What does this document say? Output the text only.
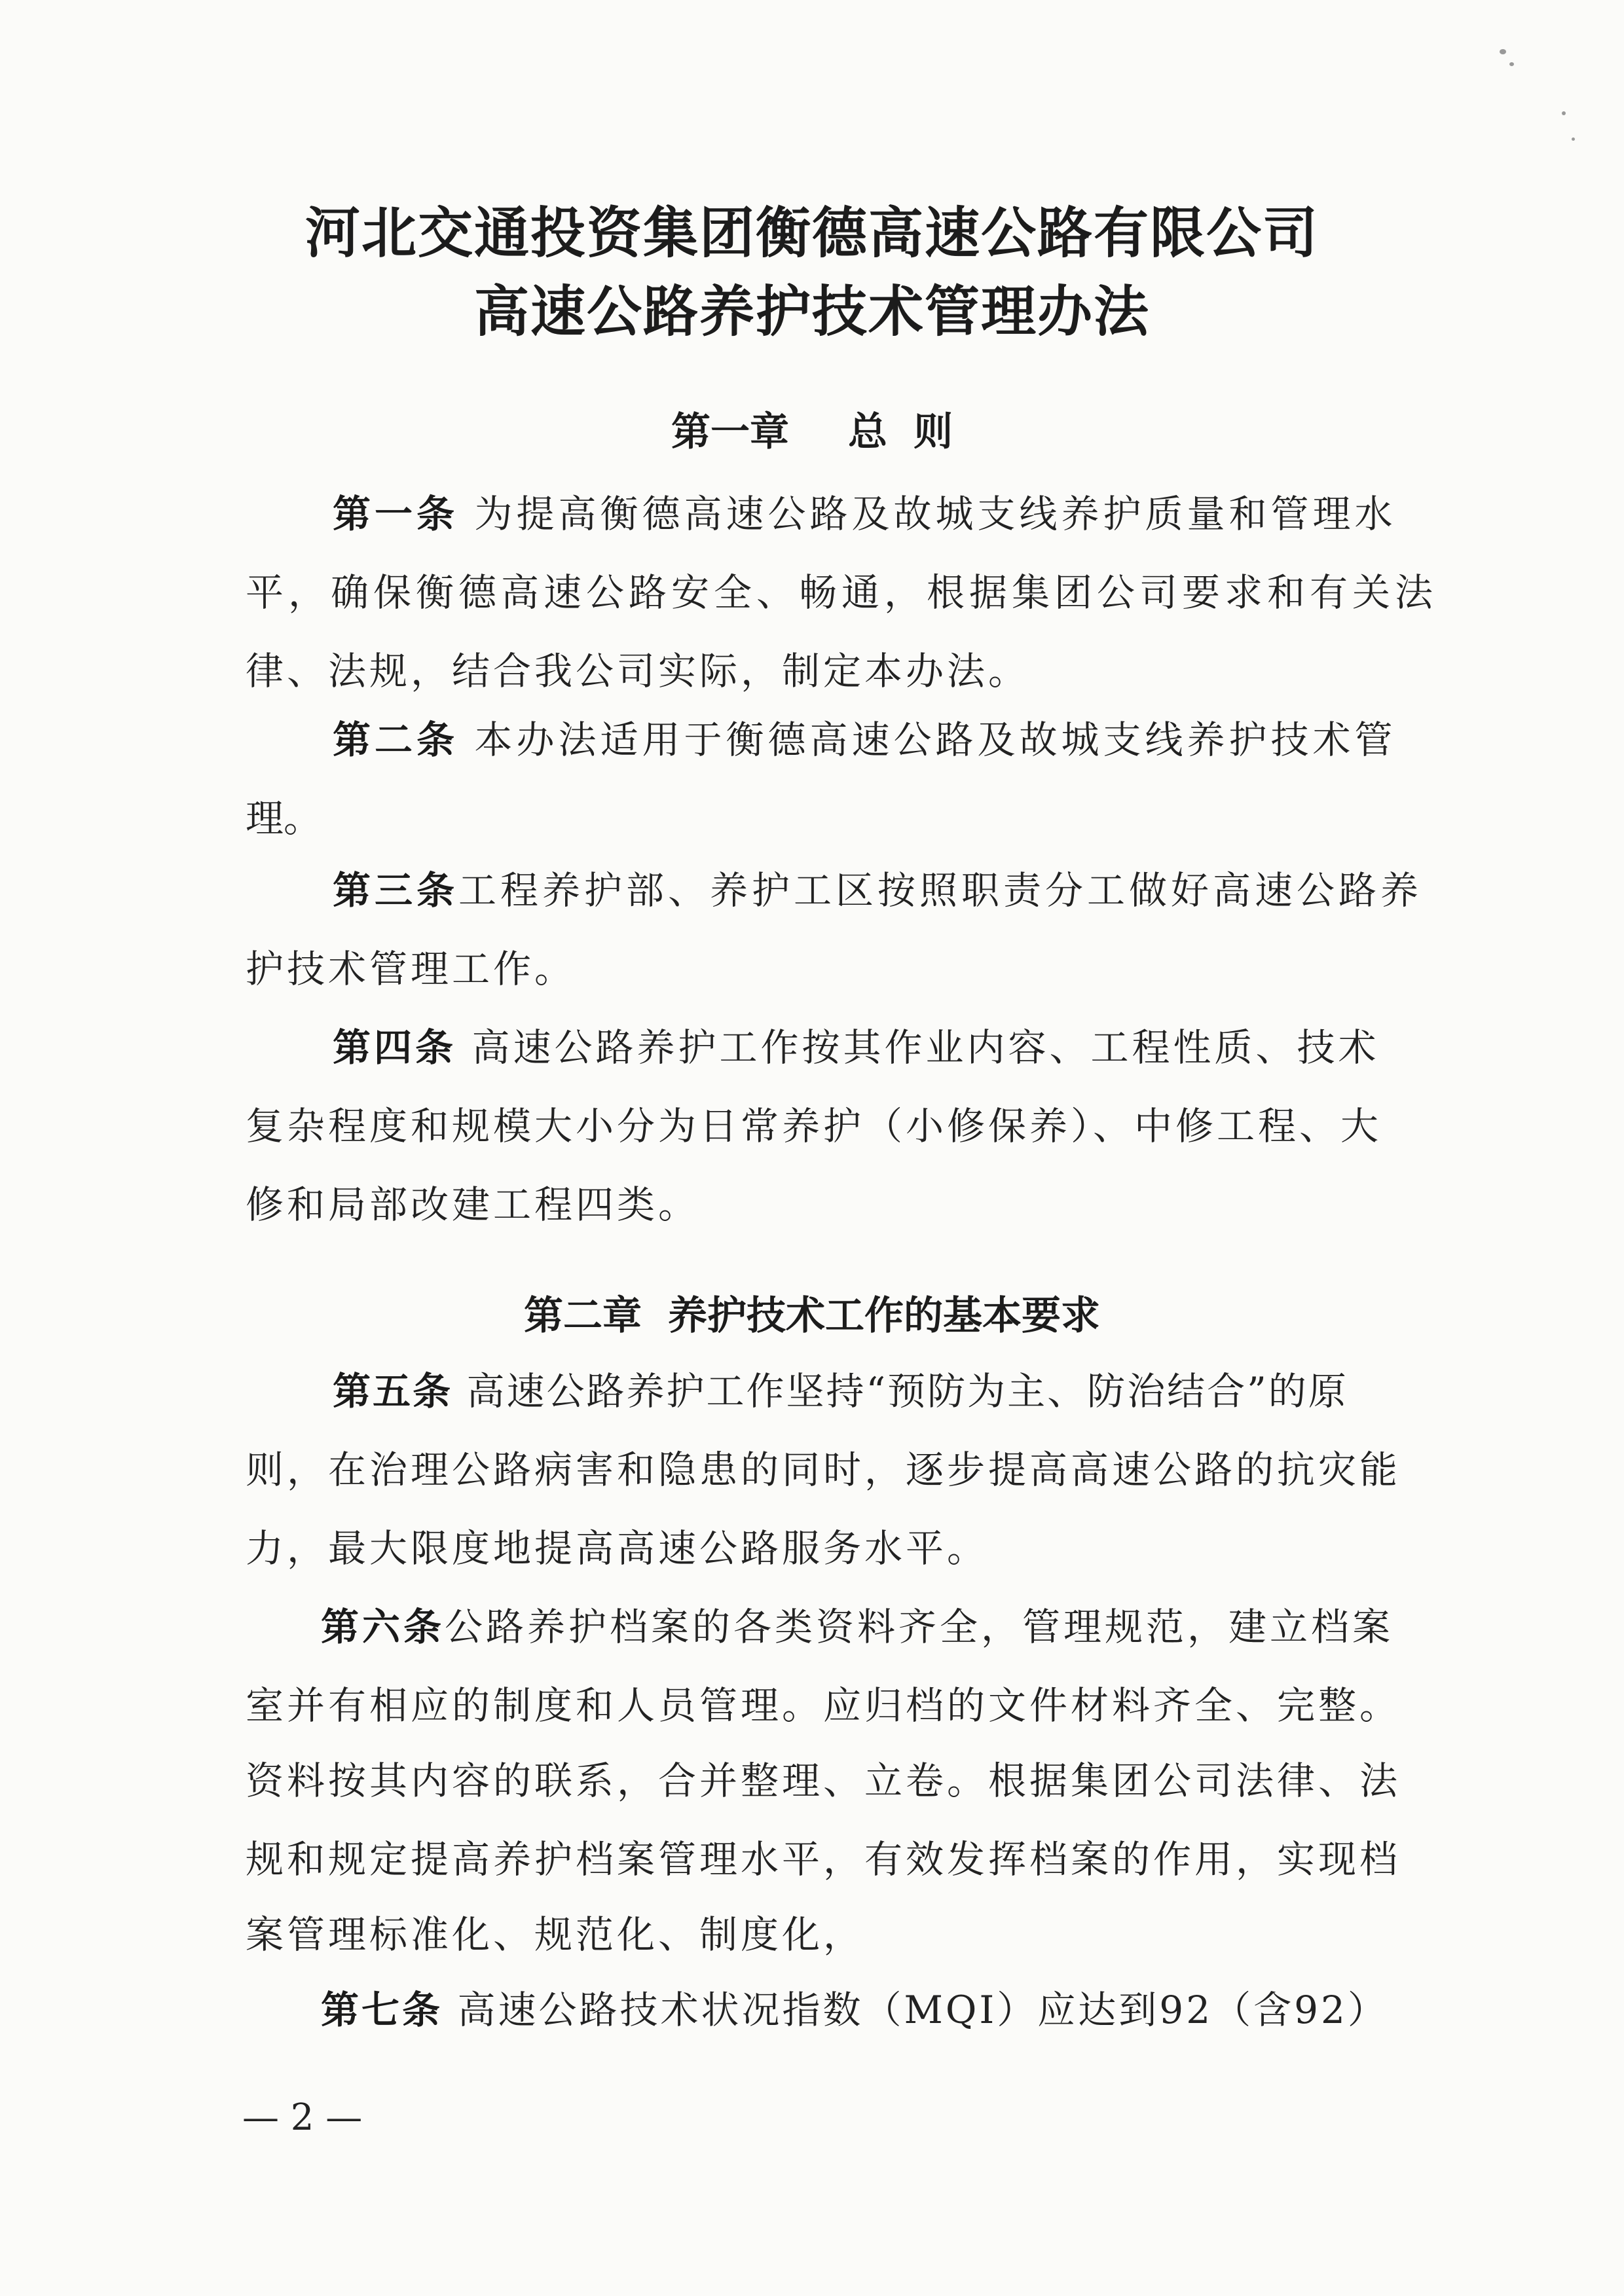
河北交通投资集团衡德高速公路有限公司
高速公路养护技术管理办法
第一章 总 则
第一条 为提高衡德高速公路及故城支线养护质量和管理水
平，确保衡德高速公路安全、畅通，根据集团公司要求和有关法
律、法规，结合我公司实际，制定本办法。
第二条 本办法适用于衡德高速公路及故城支线养护技术管
理。
第三条工程养护部、养护工区按照职责分工做好高速公路养
护技术管理工作。
第四条 高速公路养护工作按其作业内容、工程性质、技术
复杂程度和规模大小分为日常养护（小修保养）、中修工程、大
修和局部改建工程四类。
第二章 养护技术工作的基本要求
第五条 高速公路养护工作坚持“预防为主、防治结合”的原
则，在治理公路病害和隐患的同时，逐步提高高速公路的抗灾能
力，最大限度地提高高速公路服务水平。
第六条公路养护档案的各类资料齐全，管理规范，建立档案
室并有相应的制度和人员管理。应归档的文件材料齐全、完整。
资料按其内容的联系，合并整理、立卷。根据集团公司法律、法
规和规定提高养护档案管理水平，有效发挥档案的作用，实现档
案管理标准化、规范化、制度化，
第七条 高速公路技术状况指数（MQI）应达到92（含92）
— 2 —
